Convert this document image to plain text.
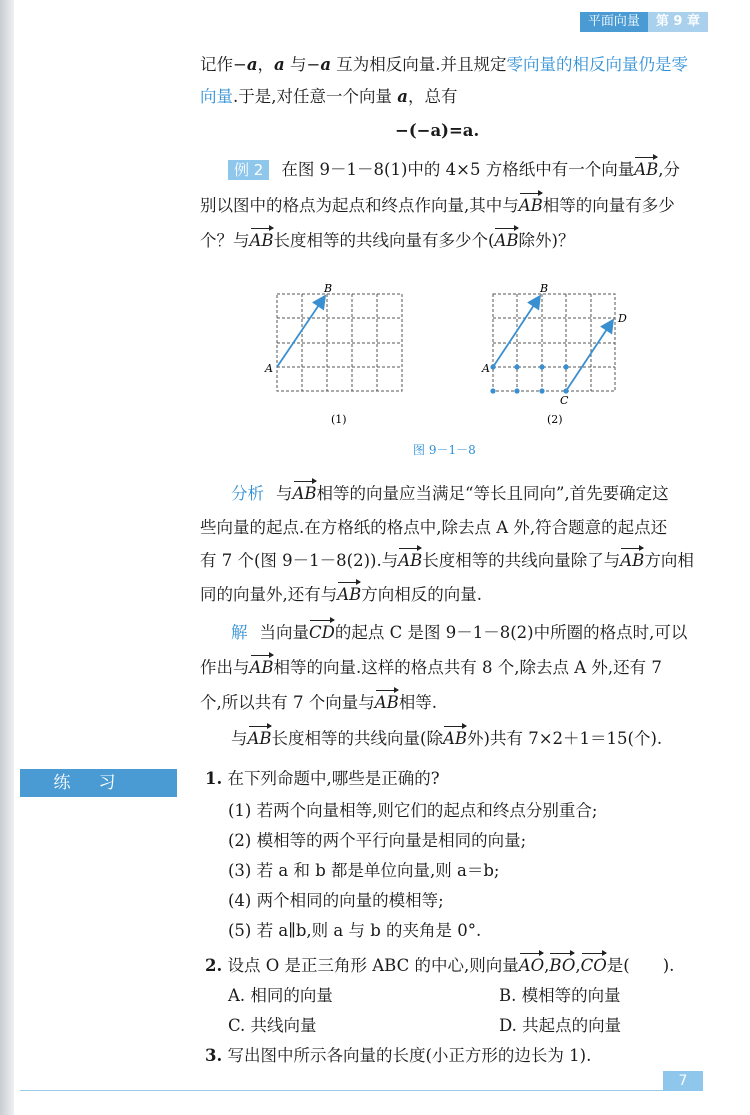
平面向量	第 9 章
记作−a，a 与−a 互为相反向量.并且规定零向量的相反向量仍是零
向量.于是,对任意一个向量 a，总有
−(−a)=a.
例 2 在图 9－1－8(1)中的 4×5 方格纸中有一个向量AB,分
别以图中的格点为起点和终点作向量,其中与AB相等的向量有多少
个？与AB长度相等的共线向量有多少个(AB除外)？
A
B
(1)
A
B
C
D
(2)
图 9－1－8
分析 与AB相等的向量应当满足“等长且同向”,首先要确定这
些向量的起点.在方格纸的格点中,除去点 A 外,符合题意的起点还
有 7 个(图 9－1－8(2)).与AB长度相等的共线向量除了与AB方向相
同的向量外,还有与AB方向相反的向量.
解 当向量CD的起点 C 是图 9－1－8(2)中所圈的格点时,可以
作出与AB相等的向量.这样的格点共有 8 个,除去点 A 外,还有 7
个,所以共有 7 个向量与AB相等.
与AB长度相等的共线向量(除AB外)共有 7×2＋1＝15(个).
练习	1. 在下列命题中,哪些是正确的?
(1) 若两个向量相等,则它们的起点和终点分别重合;
(2) 模相等的两个平行向量是相同的向量;
(3) 若 a 和 b 都是单位向量,则 a＝b;
(4) 两个相同的向量的模相等;
(5) 若 a∥b,则 a 与 b 的夹角是 0°.
2. 设点 O 是正三角形 ABC 的中心,则向量AO,BO,CO是(　　).
A. 相同的向量	B. 模相等的向量
C. 共线向量	D. 共起点的向量
3. 写出图中所示各向量的长度(小正方形的边长为 1).
7
